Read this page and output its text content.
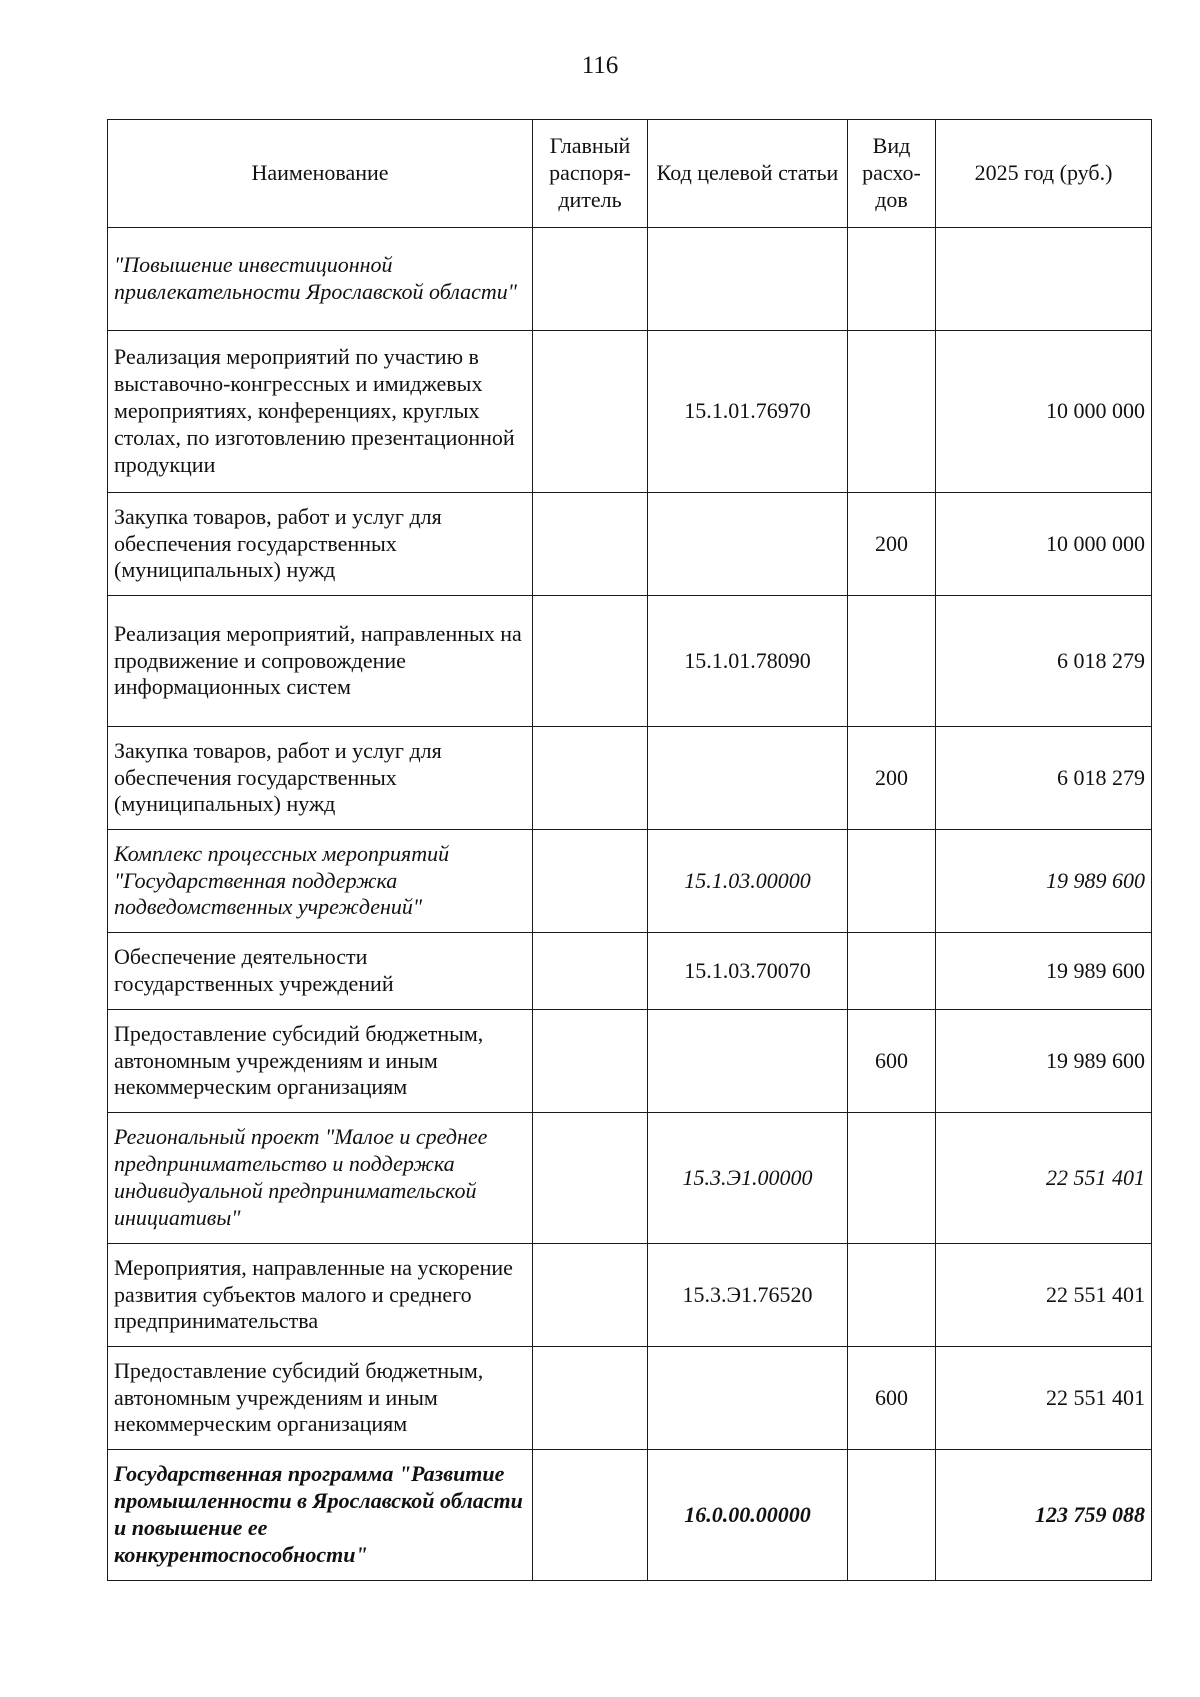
116
Наименование	Главный распоря-дитель	Код целевой статьи	Вид расхо-дов	2025 год (руб.)
"Повышение инвестиционной привлекательности Ярославской области"				
Реализация мероприятий по участию в выставочно-конгрессных и имиджевых мероприятиях, конференциях, круглых столах, по изготовлению презентационной продукции		15.1.01.76970		10 000 000
Закупка товаров, работ и услуг для обеспечения государственных (муниципальных) нужд			200	10 000 000
Реализация мероприятий, направленных на продвижение и сопровождение информационных систем		15.1.01.78090		6 018 279
Закупка товаров, работ и услуг для обеспечения государственных (муниципальных) нужд			200	6 018 279
Комплекс процессных мероприятий "Государственная поддержка подведомственных учреждений"		15.1.03.00000		19 989 600
Обеспечение деятельности государственных учреждений		15.1.03.70070		19 989 600
Предоставление субсидий бюджетным, автономным учреждениям и иным некоммерческим организациям			600	19 989 600
Региональный проект "Малое и среднее предпринимательство и поддержка индивидуальной предпринимательской инициативы"		15.3.Э1.00000		22 551 401
Мероприятия, направленные на ускорение развития субъектов малого и среднего предпринимательства		15.3.Э1.76520		22 551 401
Предоставление субсидий бюджетным, автономным учреждениям и иным некоммерческим организациям			600	22 551 401
Государственная программа "Развитие промышленности в Ярославской области и повышение ее конкурентоспособности"		16.0.00.00000		123 759 088
